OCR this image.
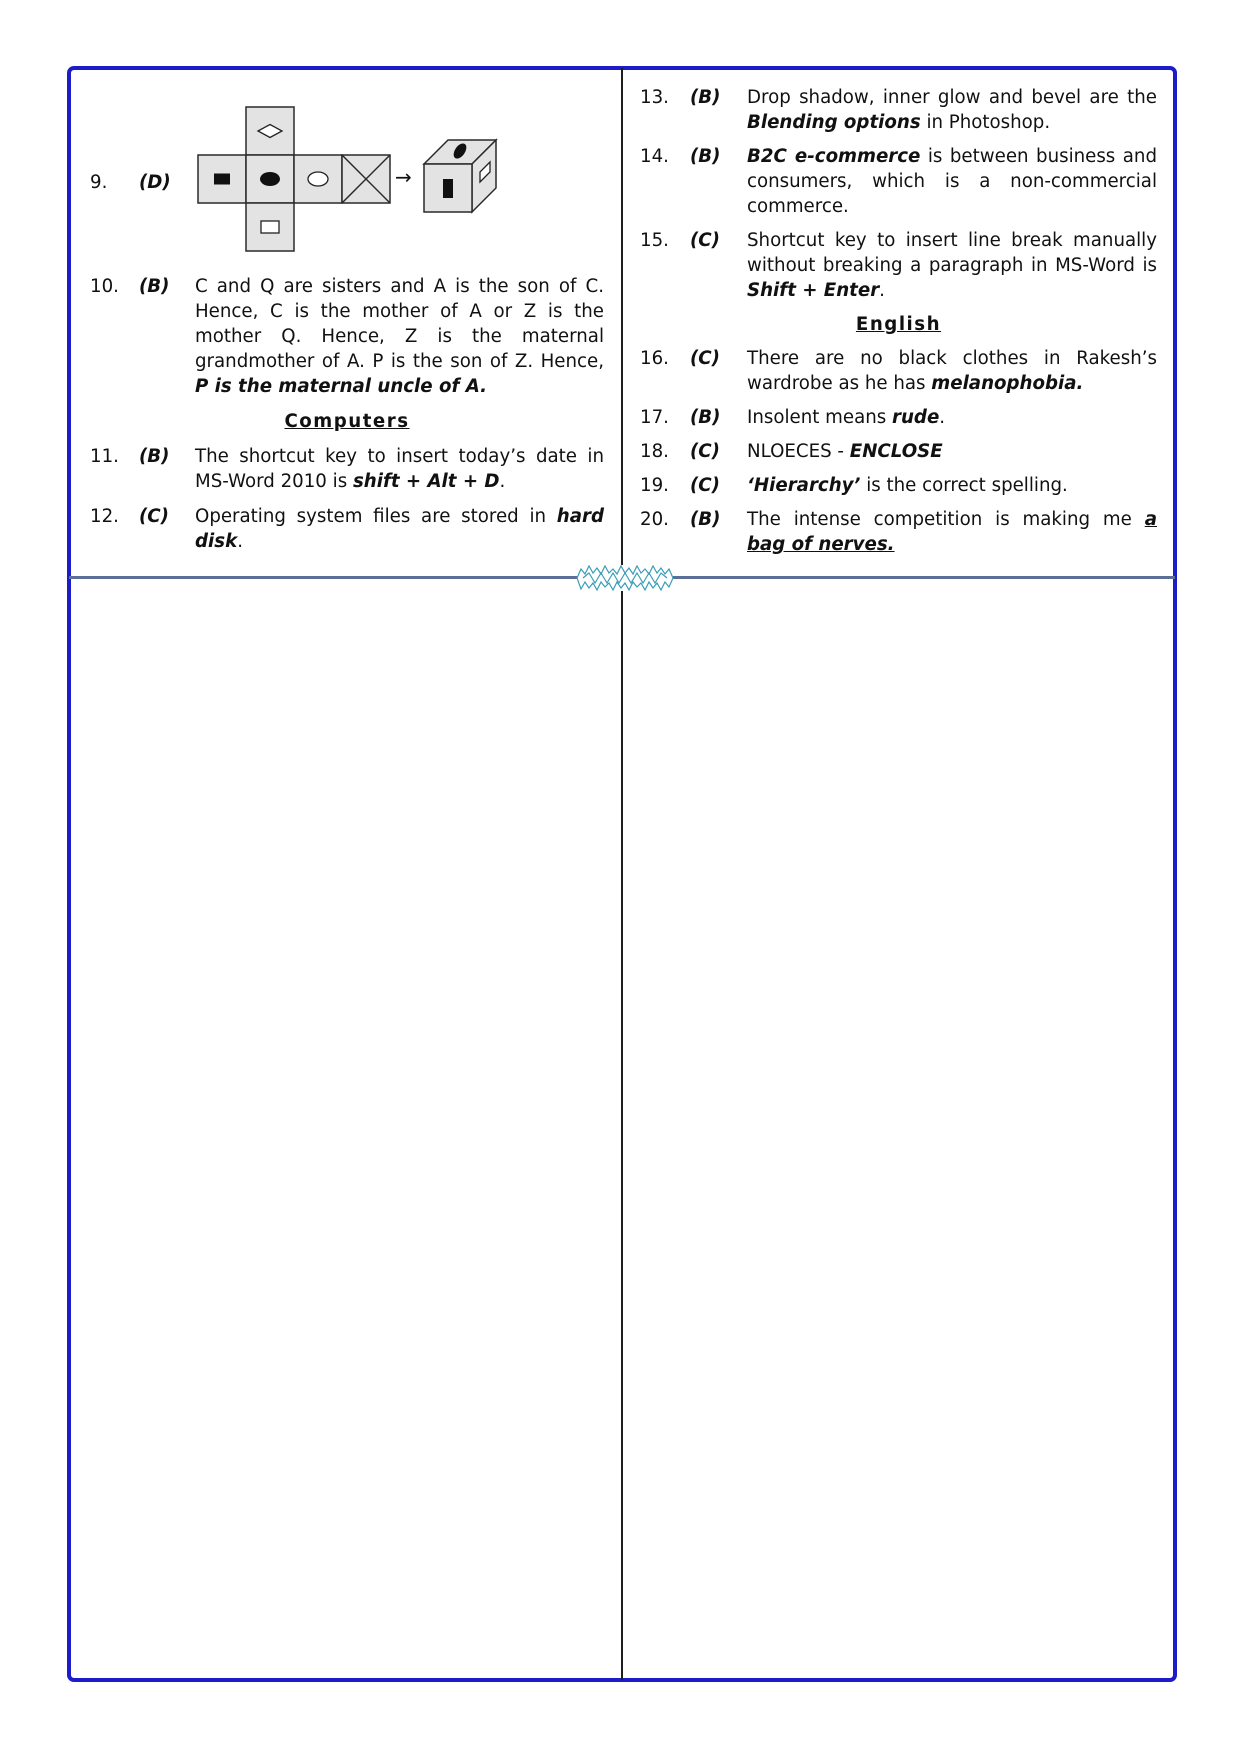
9.	(D)	→
10.	(B)	C and Q are sisters and A is the son of C. Hence, C is the mother of A or Z is the mother Q. Hence, Z is the maternal grandmother of A. P is the son of Z. Hence, P is the maternal uncle of A.
Computers
11.	(B)	The shortcut key to insert today’s date in MS-Word 2010 is shift + Alt + D.
12.	(C)	Operating system files are stored in hard disk.
13.	(B)	Drop shadow, inner glow and bevel are the Blending options in Photoshop.
14.	(B)	B2C e-commerce is between business and consumers, which is a non-commercial commerce.
15.	(C)	Shortcut key to insert line break manually without breaking a paragraph in MS-Word is Shift + Enter.
English
16.	(C)	There are no black clothes in Rakesh’s wardrobe as he has melanophobia.
17.	(B)	Insolent means rude.
18.	(C)	NLOECES - ENCLOSE
19.	(C)	‘Hierarchy’ is the correct spelling.
20.	(B)	The intense competition is making me a bag of nerves.
